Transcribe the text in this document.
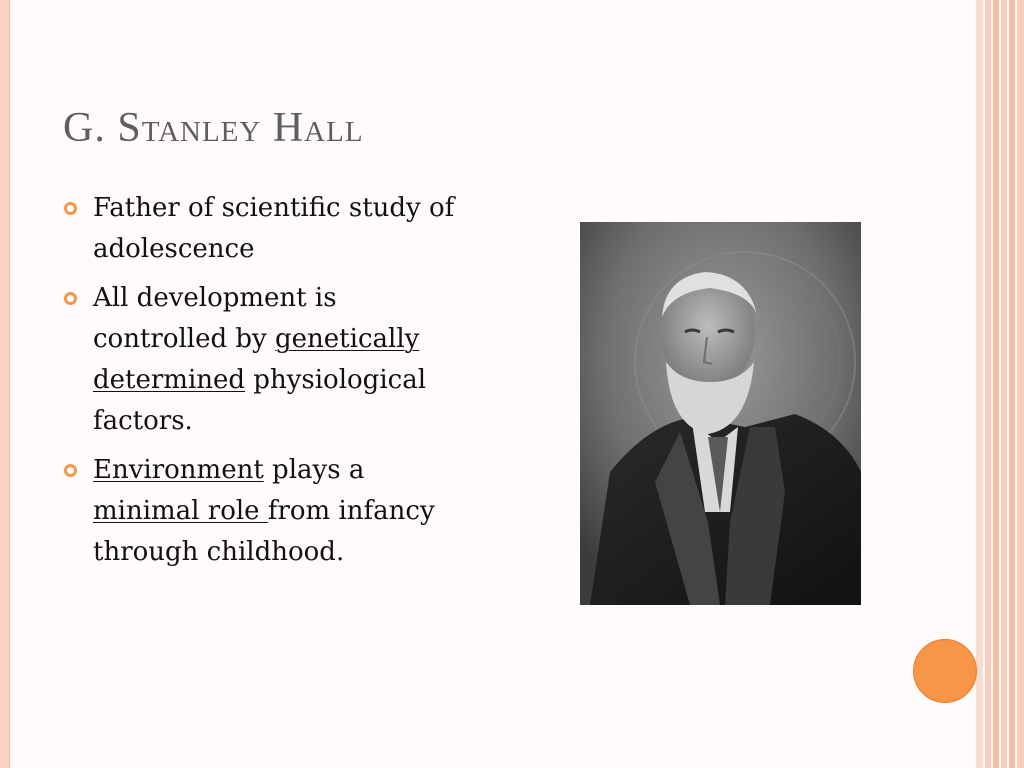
G. Stanley Hall
Father of scientific study of adolescence
All development is controlled by genetically determined physiological factors.
Environment plays a minimal role from infancy through childhood.
